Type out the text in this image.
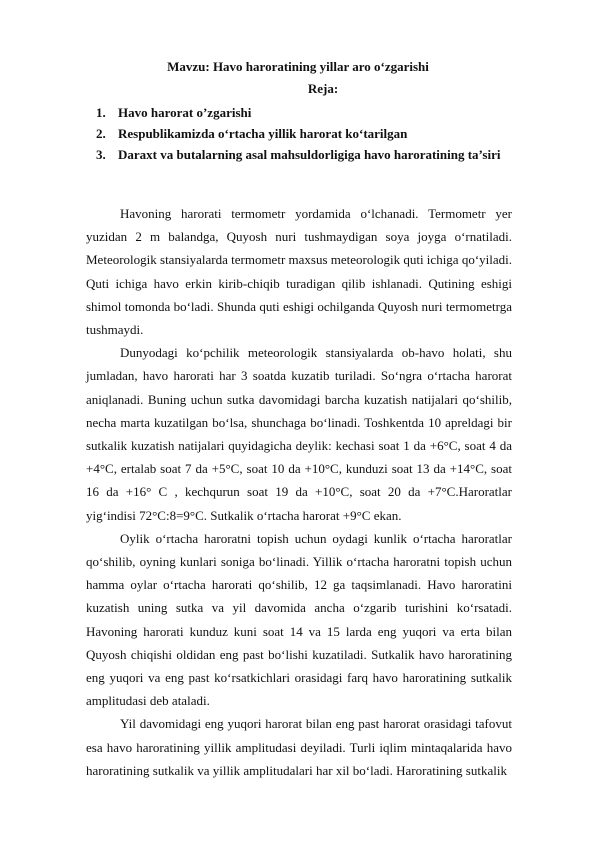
Mavzu: Havo haroratining yillar aro o‘zgarishi
Reja:
1. Havo harorat o’zgarishi
2. Respublikamizda o‘rtacha yillik harorat ko‘tarilgan
3. Daraxt va butalarning asal mahsuldorligiga havo haroratining ta’siri

Havoning harorati termometr yordamida o‘lchanadi. Termometr yer yuzidan 2 m balandga, Quyosh nuri tushmaydigan soya joyga o‘rnatiladi. Meteorologik stansiyalarda termometr maxsus meteorologik quti ichiga qo‘yiladi. Quti ichiga havo erkin kirib-chiqib turadigan qilib ishlanadi. Qutining eshigi shimol tomonda bo‘ladi. Shunda quti eshigi ochilganda Quyosh nuri termometrga tushmaydi.

Dunyodagi ko‘pchilik meteorologik stansiyalarda ob-havo holati, shu jumladan, havo harorati har 3 soatda kuzatib turiladi. So‘ngra o‘rtacha harorat aniqlanadi. Buning uchun sutka davomidagi barcha kuzatish natijalari qo‘shilib, necha marta kuzatilgan bo‘lsa, shunchaga bo‘linadi. Toshkentda 10 apreldagi bir sutkalik kuzatish natijalari quyidagicha deylik: kechasi soat 1 da +6°C, soat 4 da +4°C, ertalab soat 7 da +5°C, soat 10 da +10°C, kunduzi soat 13 da +14°C, soat 16 da +16° C , kechqurun soat 19 da +10°C, soat 20 da +7°C.Haroratlar yig‘indisi 72°C:8=9°C. Sutkalik o‘rtacha harorat +9°C ekan.

Oylik o‘rtacha haroratni topish uchun oydagi kunlik o‘rtacha haroratlar qo‘shilib, oyning kunlari soniga bo‘linadi. Yillik o‘rtacha haroratni topish uchun hamma oylar o‘rtacha harorati qo‘shilib, 12 ga taqsimlanadi. Havo haroratini kuzatish uning sutka va yil davomida ancha o‘zgarib turishini ko‘rsatadi. Havoning harorati kunduz kuni soat 14 va 15 larda eng yuqori va erta bilan Quyosh chiqishi oldidan eng past bo‘lishi kuzatiladi. Sutkalik havo haroratining eng yuqori va eng past ko‘rsatkichlari orasidagi farq havo haroratining sutkalik amplitudasi deb ataladi.

Yil davomidagi eng yuqori harorat bilan eng past harorat orasidagi tafovut esa havo haroratining yillik amplitudasi deyiladi. Turli iqlim mintaqalarida havo haroratining sutkalik va yillik amplitudalari har xil bo‘ladi. Haroratining sutkalik
